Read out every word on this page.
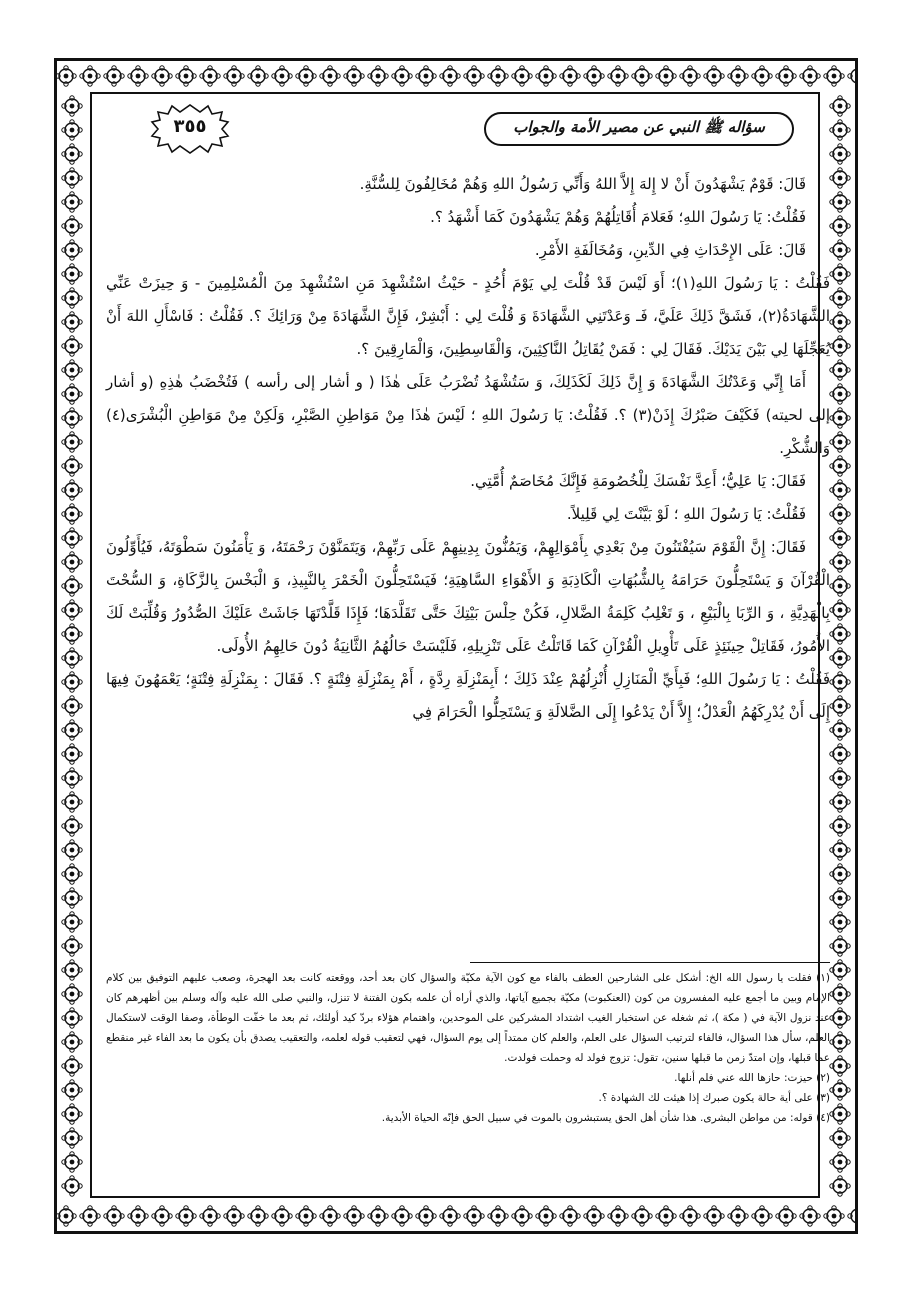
سؤاله ﷺ النبي عن مصير الأمة والجواب
٣٥٥

قَالَ: قَوْمٌ يَشْهَدُونَ أَنْ لا إِلهَ إِلاَّ اللهُ وَأَنِّي رَسُولُ اللهِ وَهُمْ مُخَالِفُونَ لِلسُّنَّةِ.

فَقُلْتُ: يَا رَسُولَ اللهِ؛ فَعَلامَ أُقَاتِلُهُمْ وَهُمْ يَشْهَدُونَ كَمَا أَشْهَدُ ؟.

قَالَ: عَلَى الإِحْدَاثِ فِي الدِّينِ، وَمُخَالَفَةِ الأَمْرِ.

فَقُلْتُ : يَا رَسُولَ اللهِ(١)؛ أَوَ لَيْسَ قَدْ قُلْتَ لِي يَوْمَ أُحُدٍ - حَيْثُ اسْتُشْهِدَ مَنِ اسْتُشْهِدَ مِنَ الْمُسْلِمِينَ - وَ حِيزَتْ عَنِّي الشَّهَادَةُ(٢)، فَشَقَّ ذَلِكَ عَلَيَّ، فَـ وَعَدْتَنِي الشَّهَادَةَ وَ قُلْتَ لِي : أَبْشِرْ، فَإِنَّ الشَّهَادَةَ مِنْ وَرَائِكَ ؟. فَقُلْتُ : فَاسْأَلِ اللهَ أَنْ يُعَجِّلَهَا لِي بَيْنَ يَدَيْكَ. فَقَالَ لِي : فَمَنْ يُقَاتِلُ النَّاكِثِينَ، وَالْقَاسِطِينَ، وَالْمَارِقِينَ ؟.

أَمَا إِنِّي وَعَدْتُكَ الشَّهَادَةَ وَ إِنَّ ذَلِكَ لَكَذَلِكَ، وَ سَتُشْهَدُ تُضْرَبُ عَلَى هٰذَا ( و أشار إلى رأسه ) فَتُخْضَبُ هٰذِهِ (و أشار إلى لحيته) فَكَيْفَ صَبْرُكَ إِذَنْ(٣) ؟. فَقُلْتُ: يَا رَسُولَ اللهِ ؛ لَيْسَ هٰذَا مِنْ مَوَاطِنِ الصَّبْرِ، وَلَكِنْ مِنْ مَوَاطِنِ الْبُشْرَى(٤) وَالشُّكْرِ.

فَقَالَ: يَا عَلِيُّ؛ أَعِدَّ نَفْسَكَ لِلْخُصُومَةِ فَإِنَّكَ مُخَاصَمٌ أُمَّتِي.

فَقُلْتُ: يَا رَسُولَ اللهِ ؛ لَوْ بَيَّنْتَ لِي قَلِيلاً.

فَقَالَ: إِنَّ الْقَوْمَ سَيُفْتَنُونَ مِنْ بَعْدِي بِأَمْوَالِهِمْ، وَيَمُنُّونَ بِدِينِهِمْ عَلَى رَبِّهِمْ، وَيَتَمَنَّوْنَ رَحْمَتَهُ، وَ يَأْمَنُونَ سَطْوَتَهُ، فَيُأَوِّلُونَ الْقُرْآنَ وَ يَسْتَحِلُّونَ حَرَامَهُ بِالشُّبُهَاتِ الْكَاذِبَةِ وَ الأَهْوَاءِ السَّاهِيَةِ؛ فَيَسْتَحِلُّونَ الْخَمْرَ بِالنَّبِيذِ، وَ الْبَخْسَ بِالزَّكَاةِ، وَ السُّحْتَ بِالْهَدِيَّةِ ، وَ الرِّبَا بِالْبَيْعِ ، وَ تَغْلِبُ كَلِمَةُ الضَّلالِ، فَكُنْ حِلْسَ بَيْتِكَ حَتَّى تَقَلَّدَهَا؛ فَإِذَا قَلَّدْتَهَا جَاشَتْ عَلَيْكَ الصُّدُورُ وَقُلِّبَتْ لَكَ الأُمُورُ، فَقَاتِلْ حِينَئِذٍ عَلَى تَأْوِيلِ الْقُرْآنِ كَمَا قَاتَلْتُ عَلَى تَنْزِيلِهِ، فَلَيْسَتْ حَالُهُمُ الثَّانِيَةُ دُونَ حَالِهِمُ الأُولَى.

فَقُلْتُ : يَا رَسُولَ اللهِ؛ فَبِأَيِّ الْمَنَازِلِ أُنْزِلُهُمْ عِنْدَ ذَلِكَ ؛ أَبِمَنْزِلَةِ رِدَّةٍ ، أَمْ بِمَنْزِلَةِ فِتْنَةٍ ؟. فَقَالَ : بِمَنْزِلَةِ فِتْنَةٍ؛ يَعْمَهُونَ فِيهَا إِلَى أَنْ يُدْرِكَهُمُ الْعَدْلُ؛ إِلاَّ أَنْ يَدْعُوا إِلَى الضَّلالَةِ وَ يَسْتَحِلُّوا الْحَرَامَ فِي

(١) فقلت يا رسول الله الخ: أشكل على الشارحين العطف بالفاء مع كون الآية مكيّة والسؤال كان بعد أحد، ووقعته كانت بعد الهجرة، وصعب عليهم التوفيق بين كلام الإمام وبين ما أجمع عليه المفسرون من كون (العنكبوت) مكيّة بجميع آياتها، والذي أراه أن علمه بكون الفتنة لا تنزل، والنبي صلى الله عليه وآله وسلم بين أظهرهم كان عند نزول الآية في ( مكة )، ثم شغله عن استخبار الغيب اشتداد المشركين على الموحدين، واهتمام هؤلاء بردّ كيد أولئك، ثم بعد ما خفّت الوطأة، وصفا الوقت لاستكمال العلم، سأل هذا السؤال، فالفاء لترتيب السؤال على العلم، والعلم كان ممتداً إلى يوم السؤال، فهي لتعقيب قوله لعلمه، والتعقيب يصدق بأن يكون ما بعد الفاء غير منقطع عما قبلها، وإن امتدّ زمن ما قبلها سنين، تقول: تزوج فولد له وحملت فولدت.

(٢) حيزت: حازها الله عني فلم أنلها.

(٣) على أية حالة يكون صبرك إذا هيئت لك الشهادة ؟.

(٤) قوله: من مواطن البشرى. هذا شأن أهل الحق يستبشرون بالموت في سبيل الحق فإنّه الحياة الأبدية.
